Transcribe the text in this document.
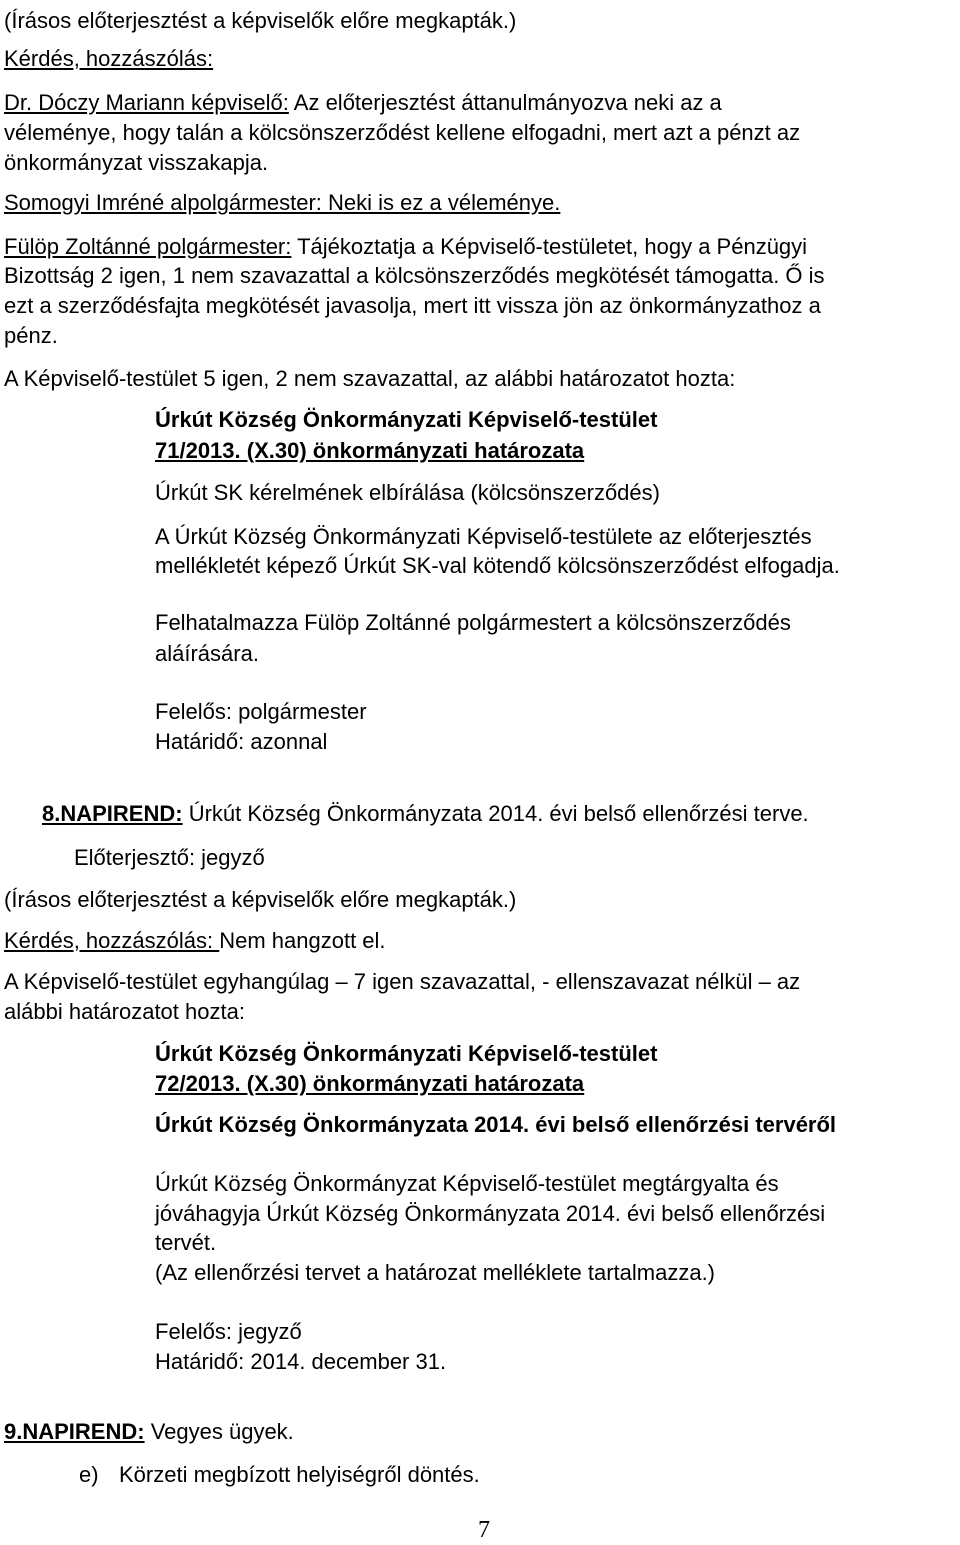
(Írásos előterjesztést a képviselők előre megkapták.)

Kérdés, hozzászólás:

Dr. Dóczy Mariann képviselő: Az előterjesztést áttanulmányozva neki az a

véleménye, hogy talán a kölcsönszerződést kellene elfogadni, mert azt a pénzt az

önkormányzat visszakapja.

Somogyi Imréné alpolgármester: Neki is ez a véleménye.

Fülöp Zoltánné polgármester: Tájékoztatja a Képviselő-testületet, hogy a Pénzügyi

Bizottság 2 igen, 1 nem szavazattal a kölcsönszerződés megkötését támogatta. Ő is

ezt a szerződésfajta megkötését javasolja, mert itt vissza jön az önkormányzathoz a

pénz.

A Képviselő-testület 5 igen, 2 nem szavazattal, az alábbi határozatot hozta:

Úrkút Község Önkormányzati Képviselő-testület

71/2013. (X.30) önkormányzati határozata

Úrkút SK kérelmének elbírálása (kölcsönszerződés)

A Úrkút Község Önkormányzati Képviselő-testülete az előterjesztés

mellékletét képező Úrkút SK-val kötendő kölcsönszerződést elfogadja.

Felhatalmazza Fülöp Zoltánné polgármestert a kölcsönszerződés

aláírására.

Felelős: polgármester

Határidő: azonnal

8.NAPIREND: Úrkút Község Önkormányzata 2014. évi belső ellenőrzési terve.

Előterjesztő: jegyző

(Írásos előterjesztést a képviselők előre megkapták.)

Kérdés, hozzászólás: Nem hangzott el.

A Képviselő-testület egyhangúlag – 7 igen szavazattal, - ellenszavazat nélkül – az

alábbi határozatot hozta:

Úrkút Község Önkormányzati Képviselő-testület

72/2013. (X.30) önkormányzati határozata

Úrkút Község Önkormányzata 2014. évi belső ellenőrzési tervéről

Úrkút Község Önkormányzat Képviselő-testület megtárgyalta és

jóváhagyja Úrkút Község Önkormányzata 2014. évi belső ellenőrzési

tervét.

(Az ellenőrzési tervet a határozat melléklete tartalmazza.)

Felelős: jegyző

Határidő: 2014. december 31.

9.NAPIREND: Vegyes ügyek.

e) Körzeti megbízott helyiségről döntés.

7
